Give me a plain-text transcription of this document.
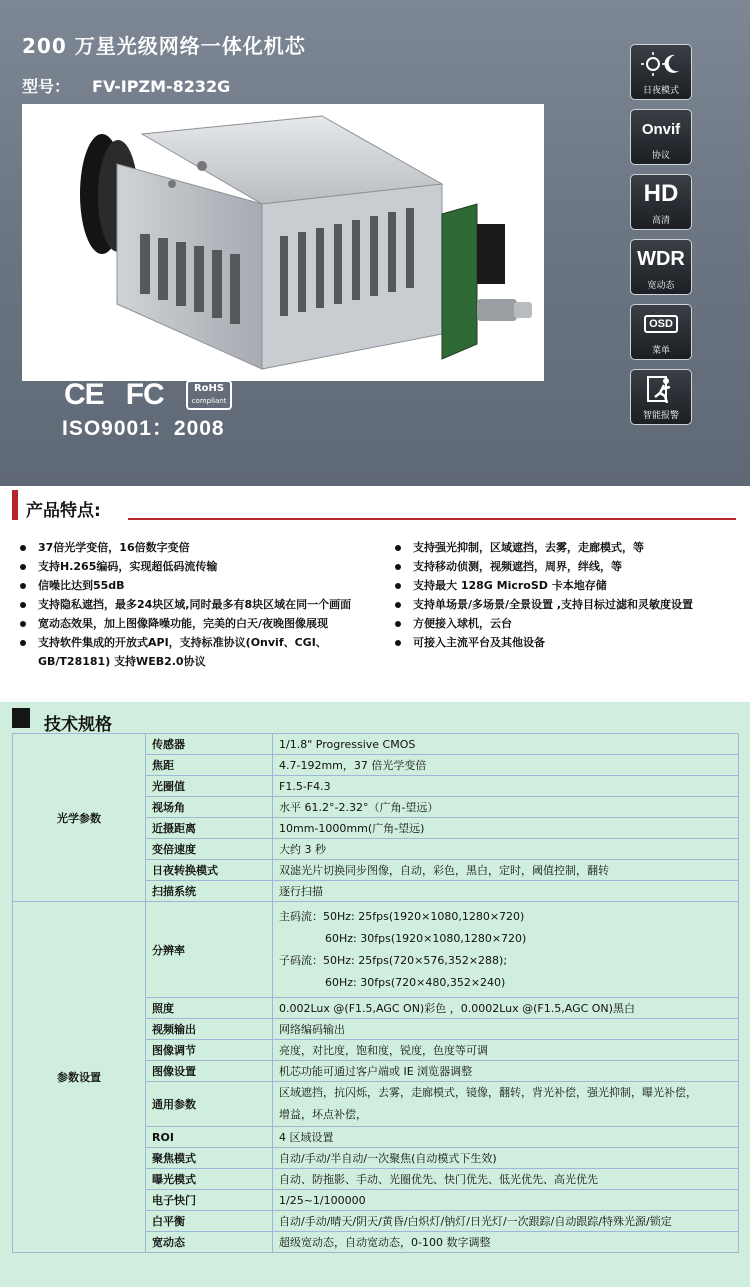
200 万星光级网络一体化机芯
型号： FV-IPZM-8232G
CE FC	RoHS
compliant
ISO9001：2008
日夜模式
Onvif
协议
HD
高清
WDR
宽动态
OSD
菜单
智能报警
产品特点:
37倍光学变倍，16倍数字变倍
支持H.265编码，实现超低码流传输
信噪比达到55dB
支持隐私遮挡，最多24块区域,同时最多有8块区域在同一个画面
宽动态效果，加上图像降噪功能，完美的白天/夜晚图像展现
支持软件集成的开放式API，支持标准协议(Onvif、CGI、
GB/T28181) 支持WEB2.0协议
支持强光抑制，区域遮挡，去雾，走廊模式，等
支持移动侦测，视频遮挡，周界，绊线，等
支持最大 128G MicroSD 卡本地存储
支持单场景/多场景/全景设置 ,支持目标过滤和灵敏度设置
方便接入球机，云台
可接入主流平台及其他设备
技术规格
光学参数	传感器	1/1.8" Progressive CMOS
	焦距	4.7-192mm，37 倍光学变倍
	光圈值	F1.5-F4.3
	视场角	水平 61.2°-2.32°（广角-望远）
	近摄距离	10mm-1000mm(广角-望远)
	变倍速度	大约 3 秒
	日夜转换模式	双滤光片切换同步图像，自动，彩色，黑白，定时，阈值控制，翻转
	扫描系统	逐行扫描
参数设置	分辨率	主码流：50Hz: 25fps(1920×1080,1280×720)
60Hz: 30fps(1920×1080,1280×720)
子码流：50Hz: 25fps(720×576,352×288);
60Hz: 30fps(720×480,352×240)

	照度	0.002Lux @(F1.5,AGC ON)彩色 ，0.0002Lux @(F1.5,AGC ON)黑白
	视频输出	网络编码输出
	图像调节	亮度，对比度，饱和度，锐度，色度等可调
	图像设置	机芯功能可通过客户端或 IE 浏览器调整
	通用参数	区域遮挡，抗闪烁，去雾，走廊模式，镜像，翻转，背光补偿，强光抑制，曝光补偿，
增益，坏点补偿，

	ROI	4 区域设置
	聚焦模式	自动/手动/半自动/一次聚焦(自动模式下生效)
	曝光模式	自动、防拖影、手动、光圈优先、快门优先、低光优先、高光优先
	电子快门	1/25~1/100000
	白平衡	自动/手动/晴天/阴天/黄昏/白炽灯/钠灯/日光灯/一次跟踪/自动跟踪/特殊光源/锁定
	宽动态	超级宽动态，自动宽动态，0-100 数字调整
